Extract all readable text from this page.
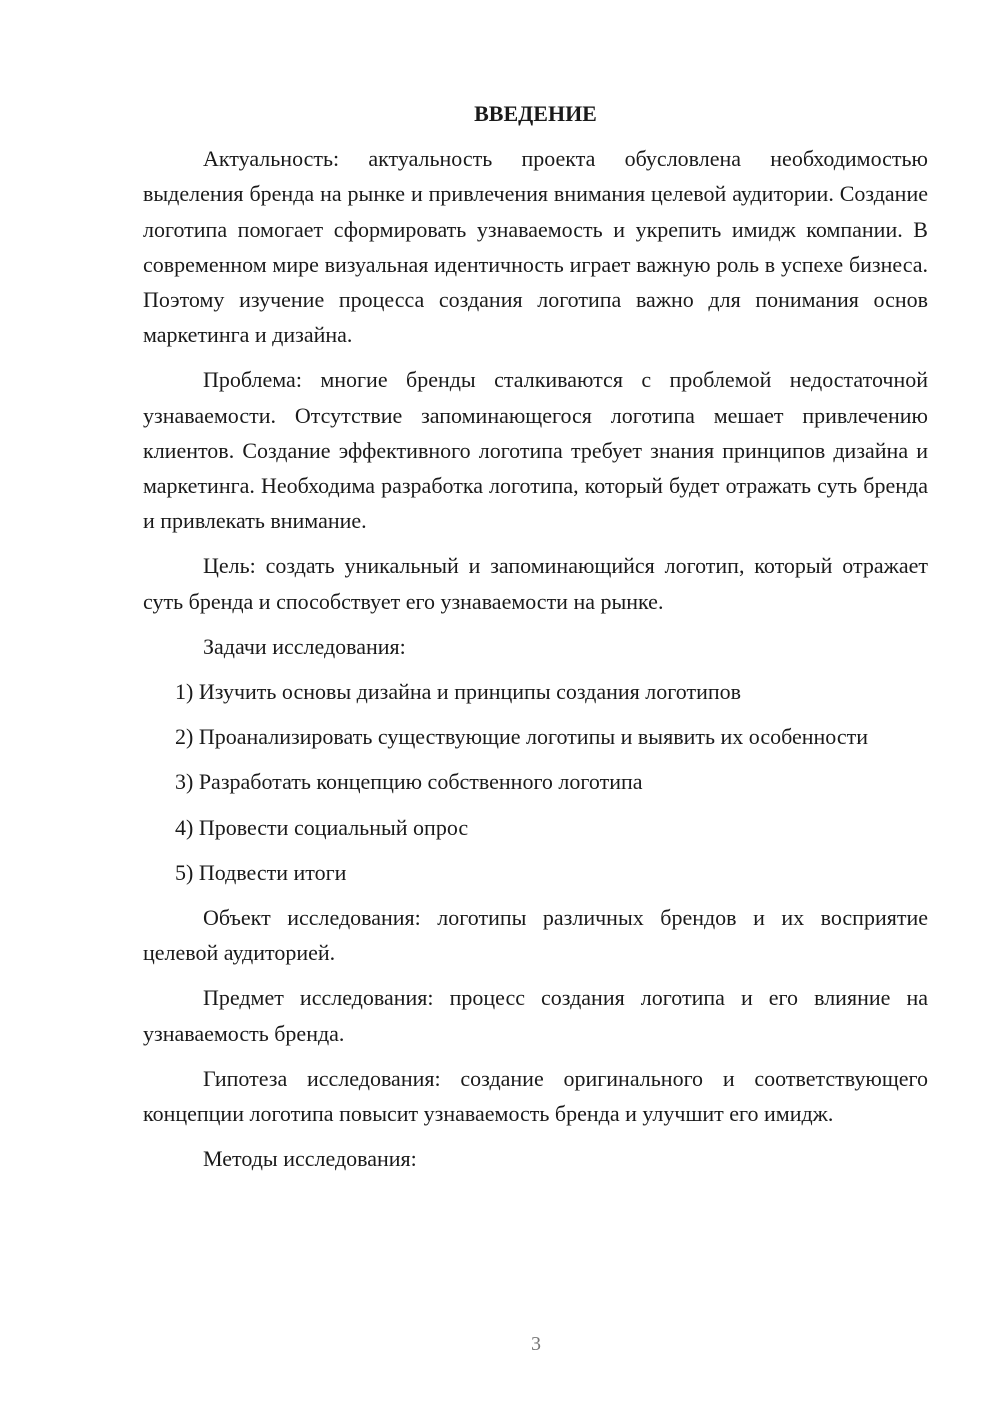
ВВЕДЕНИЕ

Актуальность: актуальность проекта обусловлена необходимостью выделения бренда на рынке и привлечения внимания целевой аудитории. Создание логотипа помогает сформировать узнаваемость и укрепить имидж компании. В современном мире визуальная идентичность играет важную роль в успехе бизнеса. Поэтому изучение процесса создания логотипа важно для понимания основ маркетинга и дизайна.

Проблема: многие бренды сталкиваются с проблемой недостаточной узнаваемости. Отсутствие запоминающегося логотипа мешает привлечению клиентов. Создание эффективного логотипа требует знания принципов дизайна и маркетинга. Необходима разработка логотипа, который будет отражать суть бренда и привлекать внимание.

Цель: создать уникальный и запоминающийся логотип, который отражает суть бренда и способствует его узнаваемости на рынке.

Задачи исследования:

1) Изучить основы дизайна и принципы создания логотипов

2) Проанализировать существующие логотипы и выявить их особенности

3) Разработать концепцию собственного логотипа

4) Провести социальный опрос

5) Подвести итоги

Объект исследования: логотипы различных брендов и их восприятие целевой аудиторией.

Предмет исследования: процесс создания логотипа и его влияние на узнаваемость бренда.

Гипотеза исследования: создание оригинального и соответствующего концепции логотипа повысит узнаваемость бренда и улучшит его имидж.

Методы исследования:

3
